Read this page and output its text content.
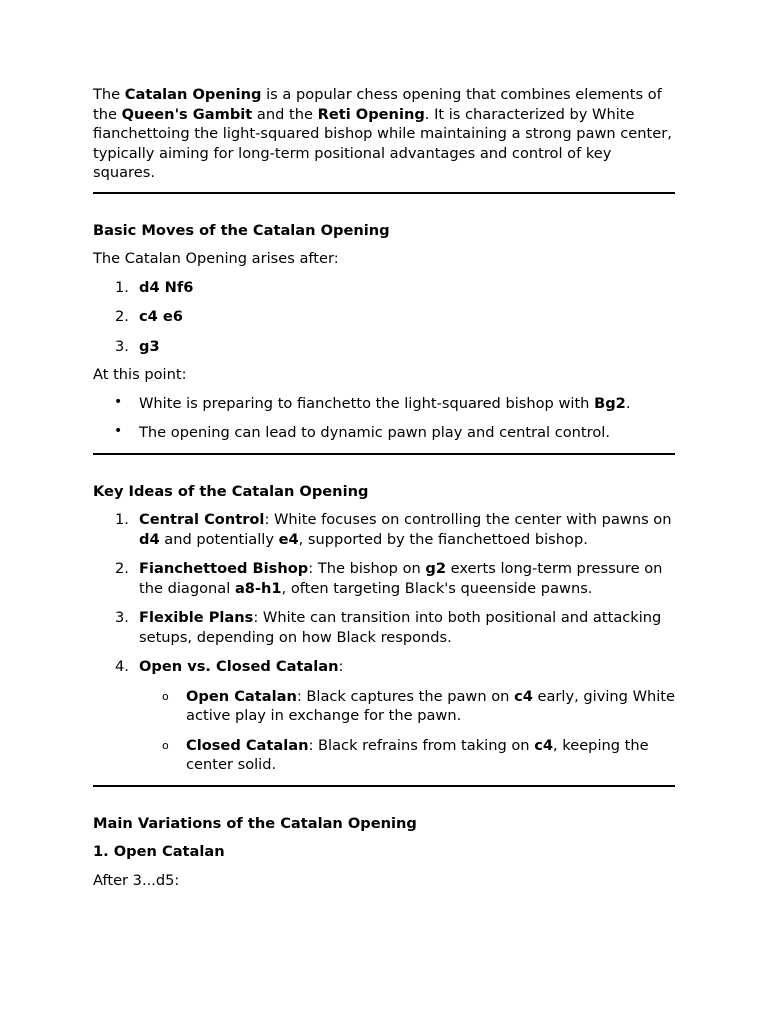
The Catalan Opening is a popular chess opening that combines elements of the Queen's Gambit and the Reti Opening. It is characterized by White fianchettoing the light-squared bishop while maintaining a strong pawn center, typically aiming for long-term positional advantages and control of key squares.

Basic Moves of the Catalan Opening

The Catalan Opening arises after:

1. d4 Nf6
2. c4 e6
3. g3

At this point:

• White is preparing to fianchetto the light-squared bishop with Bg2.
• The opening can lead to dynamic pawn play and central control.

Key Ideas of the Catalan Opening

1. Central Control: White focuses on controlling the center with pawns on d4 and potentially e4, supported by the fianchettoed bishop.
2. Fianchettoed Bishop: The bishop on g2 exerts long-term pressure on the diagonal a8-h1, often targeting Black's queenside pawns.
3. Flexible Plans: White can transition into both positional and attacking setups, depending on how Black responds.
4. Open vs. Closed Catalan:
o Open Catalan: Black captures the pawn on c4 early, giving White active play in exchange for the pawn.
o Closed Catalan: Black refrains from taking on c4, keeping the center solid.

Main Variations of the Catalan Opening

1. Open Catalan

After 3...d5:
